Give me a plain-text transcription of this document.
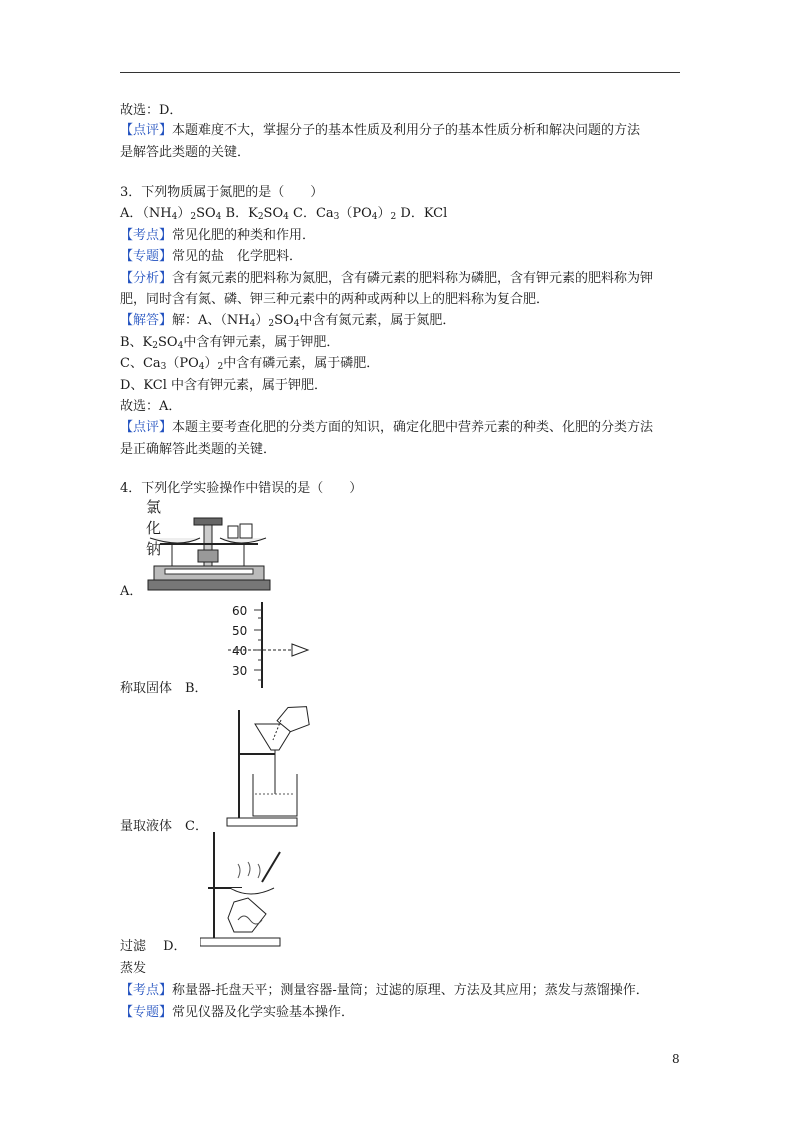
故选：D．
【点评】本题难度不大，掌握分子的基本性质及利用分子的基本性质分析和解决问题的方法
是解答此类题的关键．
3．下列物质属于氮肥的是（　　）
A．$(NH_4)_2SO_4$ B．$K_2SO_4$ C．$Ca_3(PO_4)_2$ D．KCl
【考点】常见化肥的种类和作用．
【专题】常见的盐　化学肥料．
【分析】含有氮元素的肥料称为氮肥，含有磷元素的肥料称为磷肥，含有钾元素的肥料称为钾
肥，同时含有氮、磷、钾三种元素中的两种或两种以上的肥料称为复合肥．
【解答】解：A、$(NH_4)_2SO_4$中含有氮元素，属于氮肥．
B、$K_2SO_4$中含有钾元素，属于钾肥．
C、$Ca_3(PO_4)_2$中含有磷元素，属于磷肥．
D、KCl 中含有钾元素，属于钾肥．
故选：A．
【点评】本题主要考查化肥的分类方面的知识，确定化肥中营养元素的种类、化肥的分类方法
是正确解答此类题的关键．
4．下列化学实验操作中错误的是（　　）
氯化钠
A．
60
50
40
30
称取固体　B．
量取液体　C．
过滤　 D．
蒸发
【考点】称量器-托盘天平；测量容器-量筒；过滤的原理、方法及其应用；蒸发与蒸馏操作．
【专题】常见仪器及化学实验基本操作．
8
